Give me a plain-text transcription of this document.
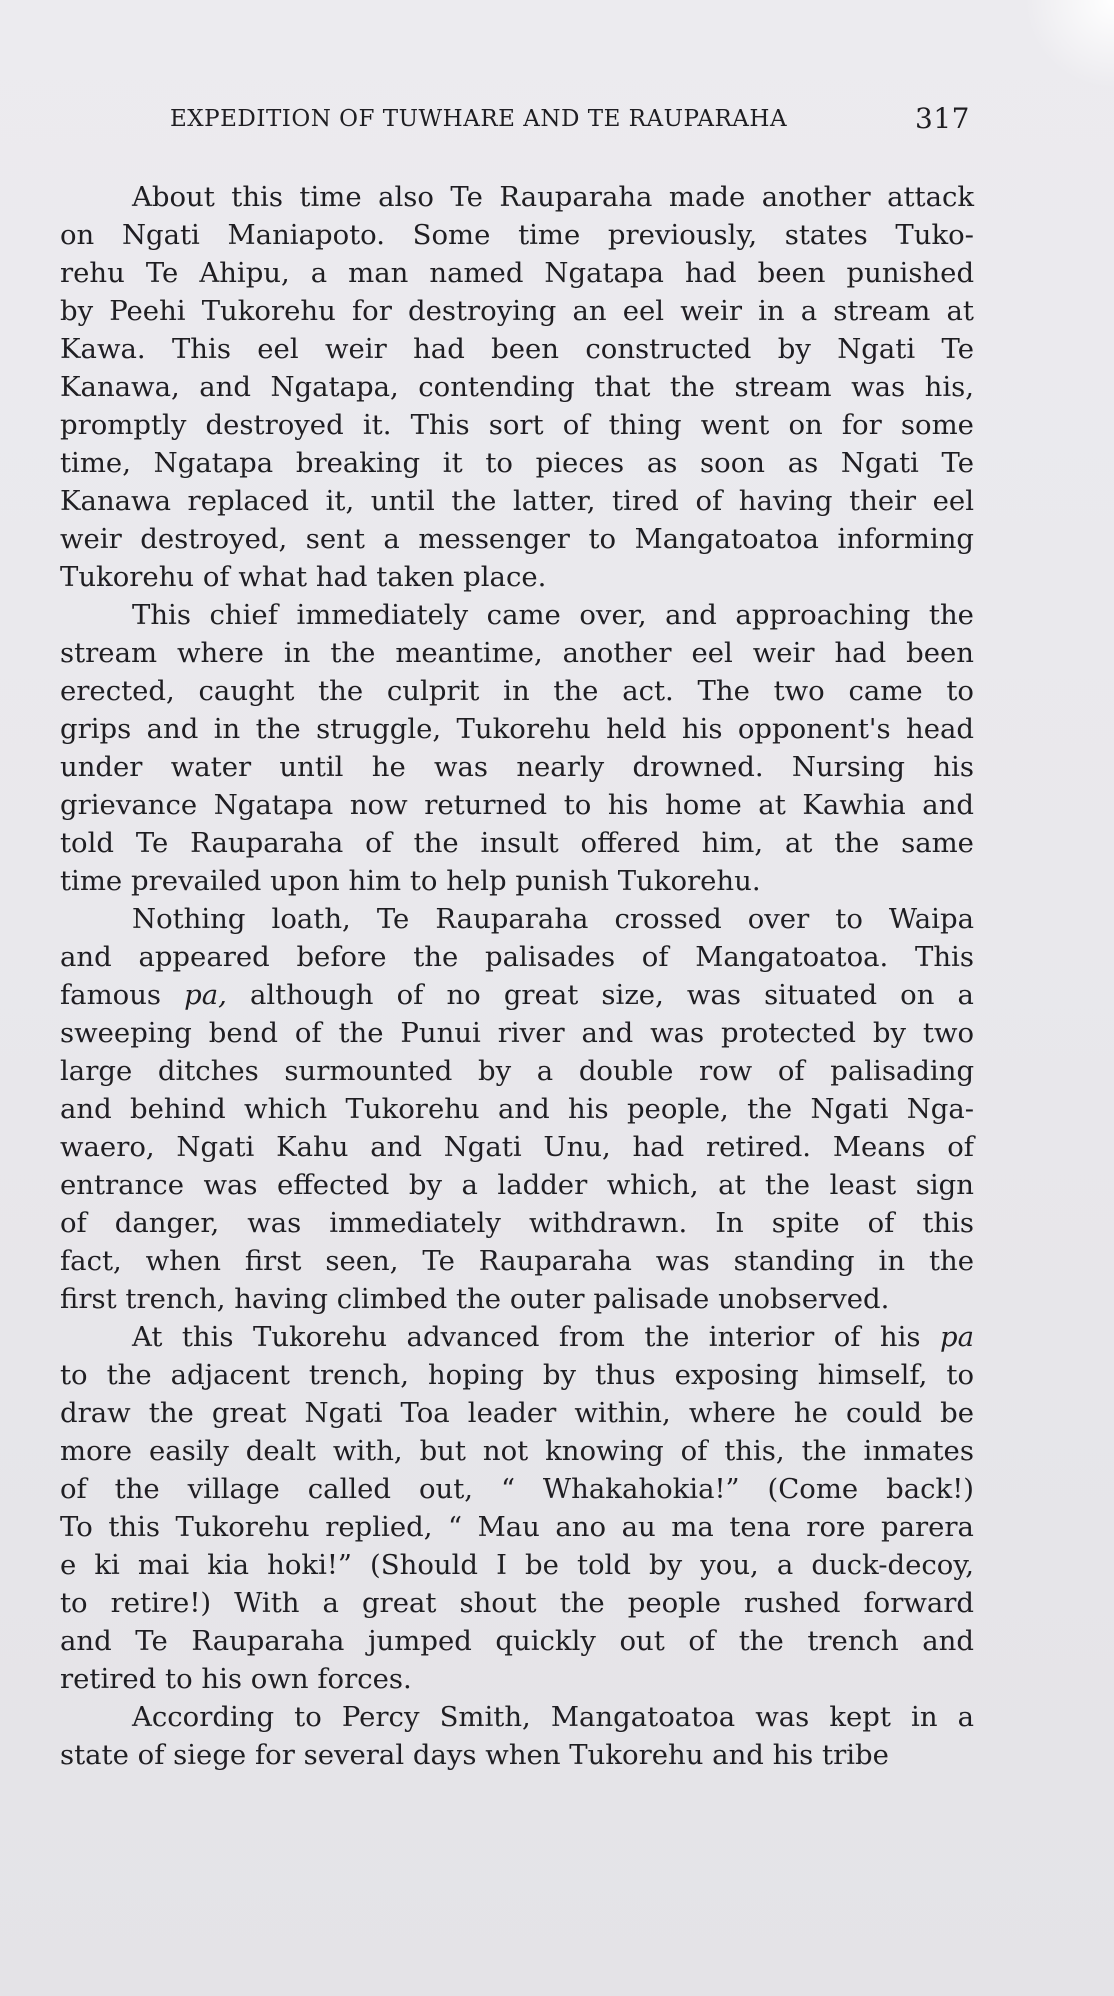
EXPEDITION OF TUWHARE AND TE RAUPARAHA	317
About this time also Te Rauparaha made another attack
on Ngati Maniapoto. Some time previously, states Tuko-
rehu Te Ahipu, a man named Ngatapa had been punished
by Peehi Tukorehu for destroying an eel weir in a stream at
Kawa. This eel weir had been constructed by Ngati Te
Kanawa, and Ngatapa, contending that the stream was his,
promptly destroyed it. This sort of thing went on for some
time, Ngatapa breaking it to pieces as soon as Ngati Te
Kanawa replaced it, until the latter, tired of having their eel
weir destroyed, sent a messenger to Mangatoatoa informing
Tukorehu of what had taken place.
This chief immediately came over, and approaching the
stream where in the meantime, another eel weir had been
erected, caught the culprit in the act. The two came to
grips and in the struggle, Tukorehu held his opponent's head
under water until he was nearly drowned. Nursing his
grievance Ngatapa now returned to his home at Kawhia and
told Te Rauparaha of the insult offered him, at the same
time prevailed upon him to help punish Tukorehu.
Nothing loath, Te Rauparaha crossed over to Waipa
and appeared before the palisades of Mangatoatoa. This
famous pa, although of no great size, was situated on a
sweeping bend of the Punui river and was protected by two
large ditches surmounted by a double row of palisading
and behind which Tukorehu and his people, the Ngati Nga-
waero, Ngati Kahu and Ngati Unu, had retired. Means of
entrance was effected by a ladder which, at the least sign
of danger, was immediately withdrawn. In spite of this
fact, when first seen, Te Rauparaha was standing in the
first trench, having climbed the outer palisade unobserved.
At this Tukorehu advanced from the interior of his pa
to the adjacent trench, hoping by thus exposing himself, to
draw the great Ngati Toa leader within, where he could be
more easily dealt with, but not knowing of this, the inmates
of the village called out, “ Whakahokia!” (Come back!)
To this Tukorehu replied, “ Mau ano au ma tena rore parera
e ki mai kia hoki!” (Should I be told by you, a duck-decoy,
to retire!) With a great shout the people rushed forward
and Te Rauparaha jumped quickly out of the trench and
retired to his own forces.
According to Percy Smith, Mangatoatoa was kept in a
state of siege for several days when Tukorehu and his tribe
